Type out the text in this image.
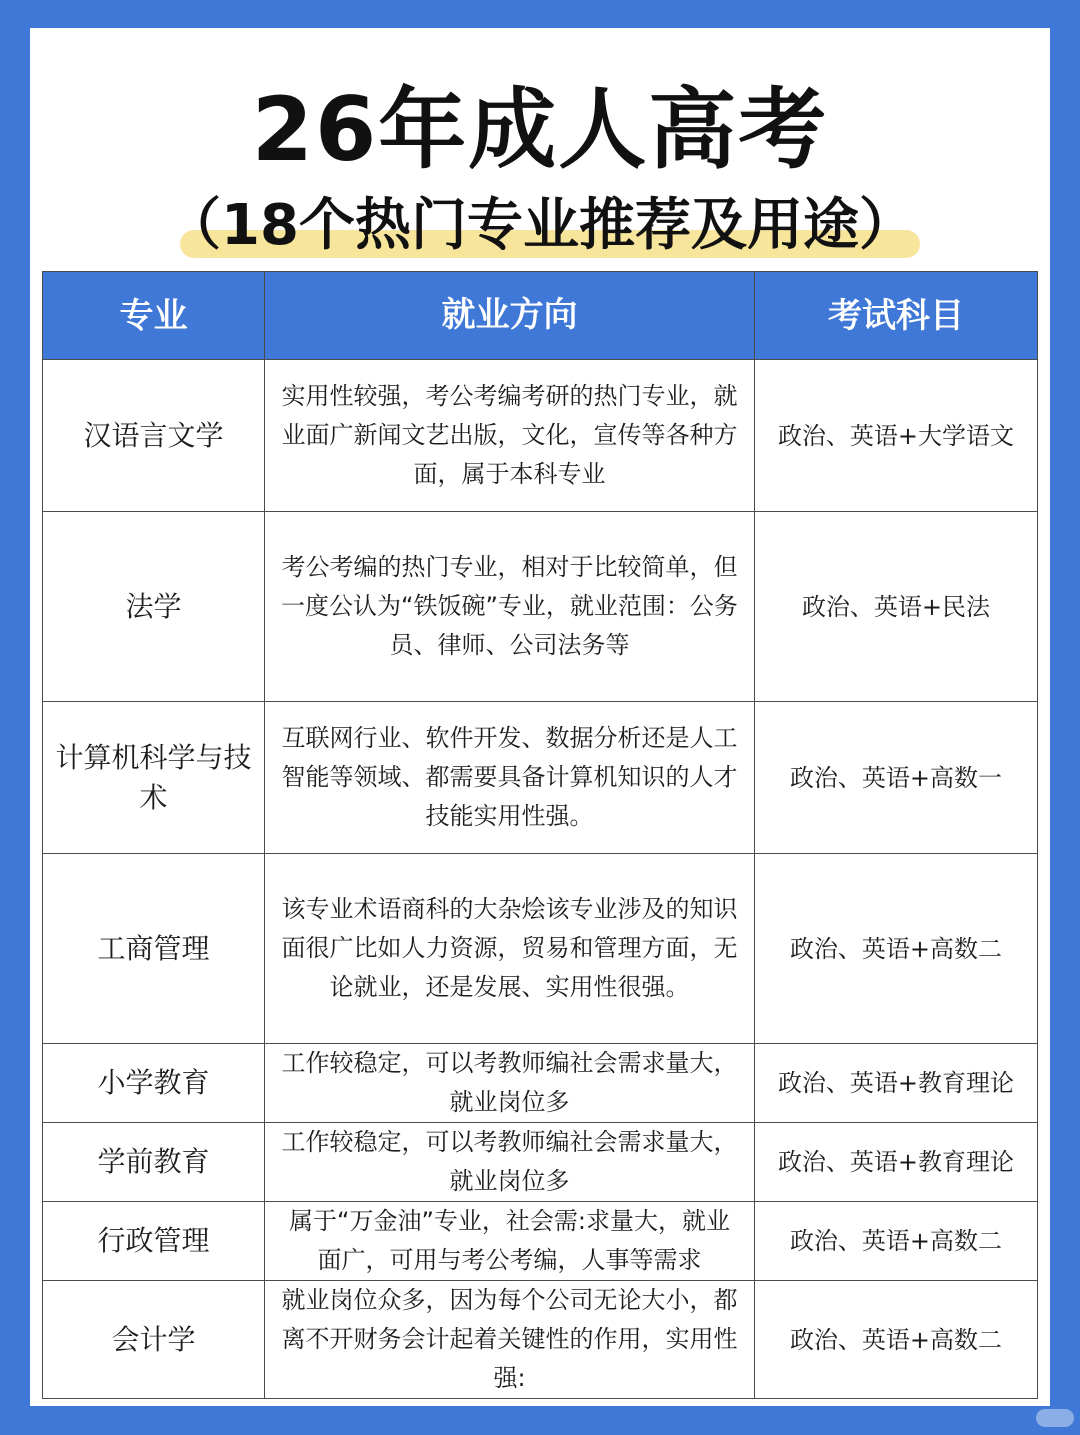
26年成人高考
（18个热门专业推荐及用途）
专业	就业方向	考试科目
汉语言文学	实用性较强，考公考编考研的热门专业，就业面广新闻文艺出版，文化，宣传等各种方面，属于本科专业	政治、英语+大学语文
法学	考公考编的热门专业，相对于比较简单，但一度公认为“铁饭碗”专业，就业范围：公务员、律师、公司法务等	政治、英语+民法
计算机科学与技术	互联网行业、软件开发、数据分析还是人工智能等领域、都需要具备计算机知识的人才技能实用性强。	政治、英语+高数一
工商管理	该专业术语商科的大杂烩该专业涉及的知识面很广比如人力资源，贸易和管理方面，无论就业，还是发展、实用性很强。	政治、英语+高数二
小学教育	工作较稳定，可以考教师编社会需求量大，就业岗位多	政治、英语+教育理论
学前教育	工作较稳定，可以考教师编社会需求量大，就业岗位多	政治、英语+教育理论
行政管理	属于“万金油”专业，社会需:求量大，就业面广，可用与考公考编，人事等需求	政治、英语+高数二
会计学	就业岗位众多，因为每个公司无论大小，都离不开财务会计起着关键性的作用，实用性强:	政治、英语+高数二
